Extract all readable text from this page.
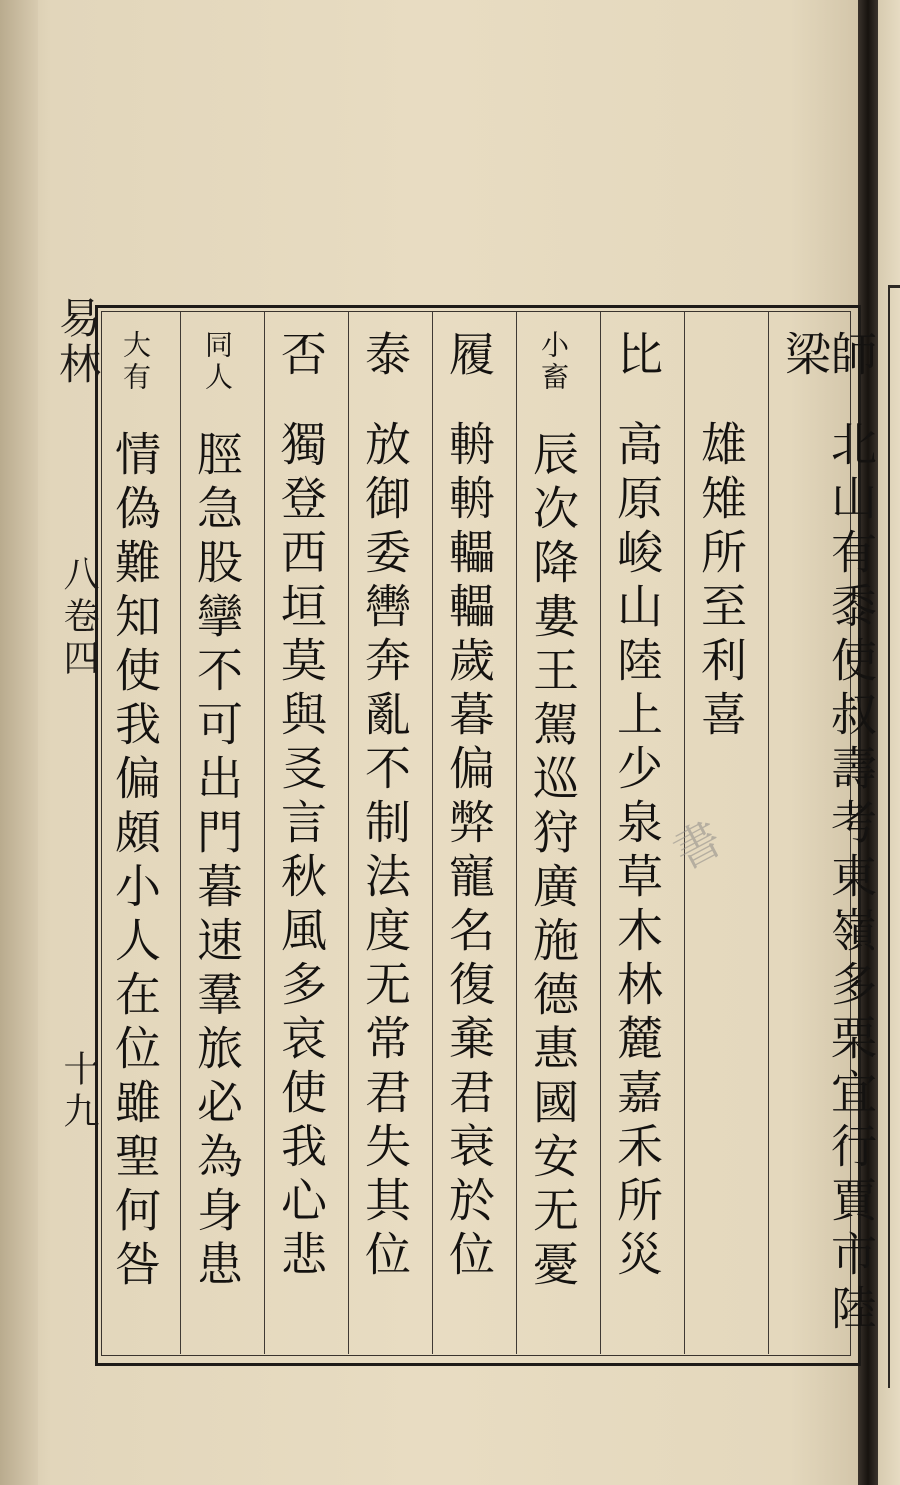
師北山有黍使叔壽考東嶺多栗宜行賈市陸梁
雄雉所至利喜
比高原峻山陸上少泉草木林麓嘉禾所災
小畜辰次降婁王駕巡狩廣施德惠國安无憂
履輈輈轠轠歲暮偏弊寵名復棄君衰於位
泰放御委轡奔亂不制法度无常君失其位
否獨登西垣莫與㕛言秋風多哀使我心悲
同人脛急股攣不可出門暮速羣旅必為身患
大有情偽難知使我偏頗小人在位雖聖何咎
易林
八卷四
十九
書
